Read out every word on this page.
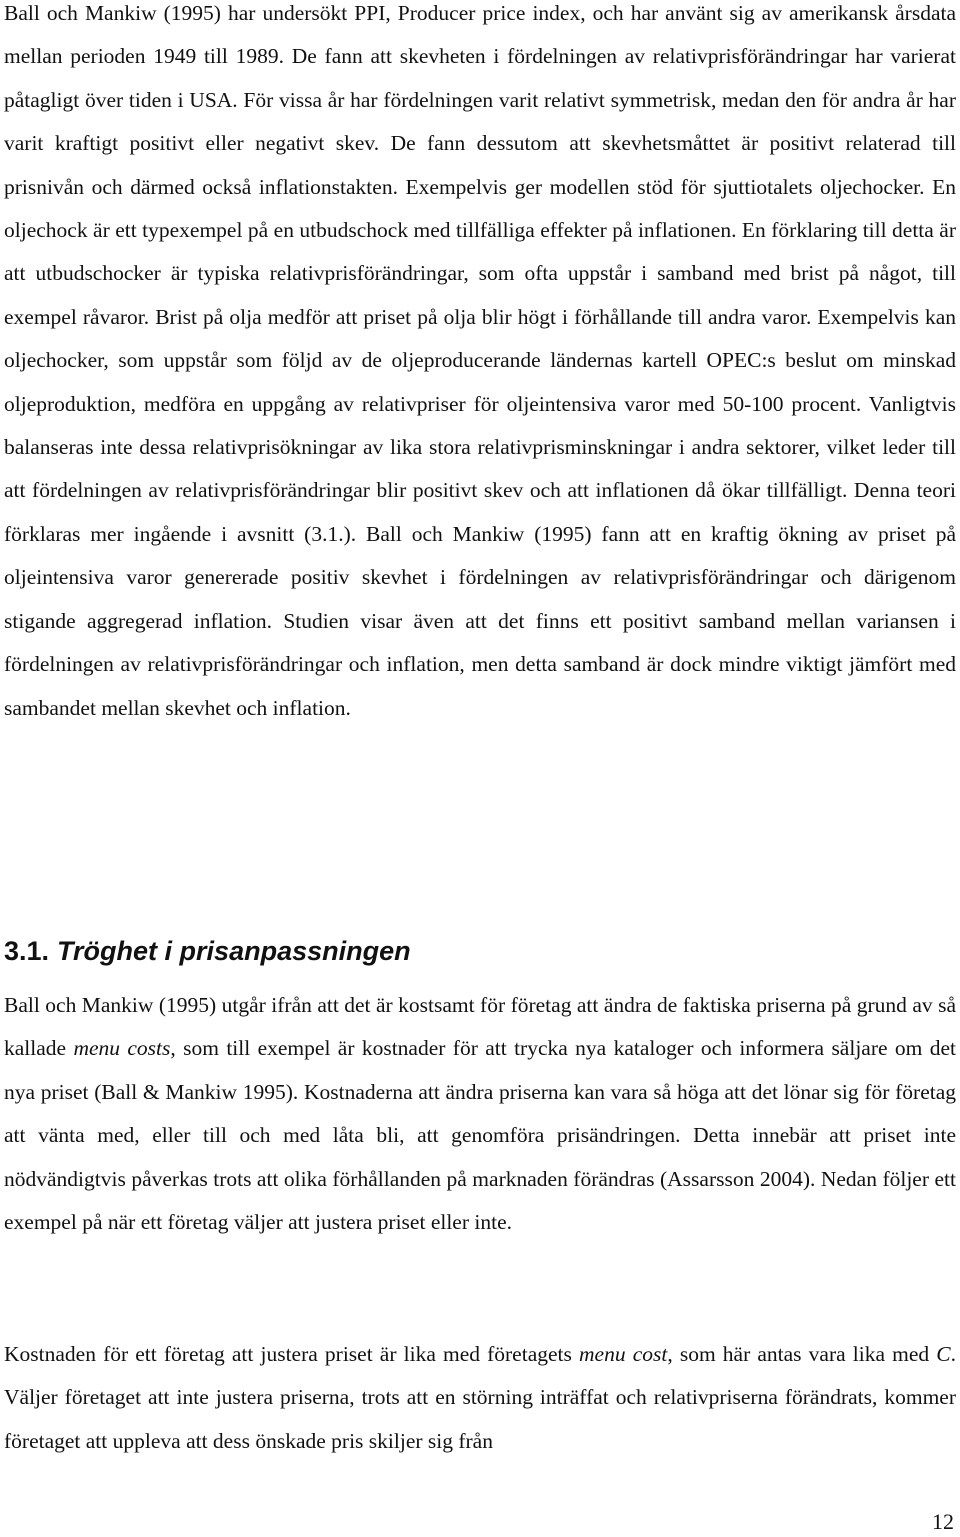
Ball och Mankiw (1995) har undersökt PPI, Producer price index, och har använt sig av amerikansk årsdata mellan perioden 1949 till 1989. De fann att skevheten i fördelningen av relativprisförändringar har varierat påtagligt över tiden i USA. För vissa år har fördelningen varit relativt symmetrisk, medan den för andra år har varit kraftigt positivt eller negativt skev. De fann dessutom att skevhetsmåttet är positivt relaterad till prisnivån och därmed också inflationstakten. Exempelvis ger modellen stöd för sjuttiotalets oljechocker. En oljechock är ett typexempel på en utbudschock med tillfälliga effekter på inflationen. En förklaring till detta är att utbudschocker är typiska relativprisförändringar, som ofta uppstår i samband med brist på något, till exempel råvaror. Brist på olja medför att priset på olja blir högt i förhållande till andra varor. Exempelvis kan oljechocker, som uppstår som följd av de oljeproducerande ländernas kartell OPEC:s beslut om minskad oljeproduktion, medföra en uppgång av relativpriser för oljeintensiva varor med 50-100 procent. Vanligtvis balanseras inte dessa relativprisökningar av lika stora relativprisminskningar i andra sektorer, vilket leder till att fördelningen av relativprisförändringar blir positivt skev och att inflationen då ökar tillfälligt. Denna teori förklaras mer ingående i avsnitt (3.1.). Ball och Mankiw (1995) fann att en kraftig ökning av priset på oljeintensiva varor genererade positiv skevhet i fördelningen av relativprisförändringar och därigenom stigande aggregerad inflation. Studien visar även att det finns ett positivt samband mellan variansen i fördelningen av relativprisförändringar och inflation, men detta samband är dock mindre viktigt jämfört med sambandet mellan skevhet och inflation.

3.1. Tröghet i prisanpassningen

Ball och Mankiw (1995) utgår ifrån att det är kostsamt för företag att ändra de faktiska priserna på grund av så kallade menu costs, som till exempel är kostnader för att trycka nya kataloger och informera säljare om det nya priset (Ball & Mankiw 1995). Kostnaderna att ändra priserna kan vara så höga att det lönar sig för företag att vänta med, eller till och med låta bli, att genomföra prisändringen. Detta innebär att priset inte nödvändigtvis påverkas trots att olika förhållanden på marknaden förändras (Assarsson 2004). Nedan följer ett exempel på när ett företag väljer att justera priset eller inte.

Kostnaden för ett företag att justera priset är lika med företagets menu cost, som här antas vara lika med C. Väljer företaget att inte justera priserna, trots att en störning inträffat och relativpriserna förändrats, kommer företaget att uppleva att dess önskade pris skiljer sig från

12
